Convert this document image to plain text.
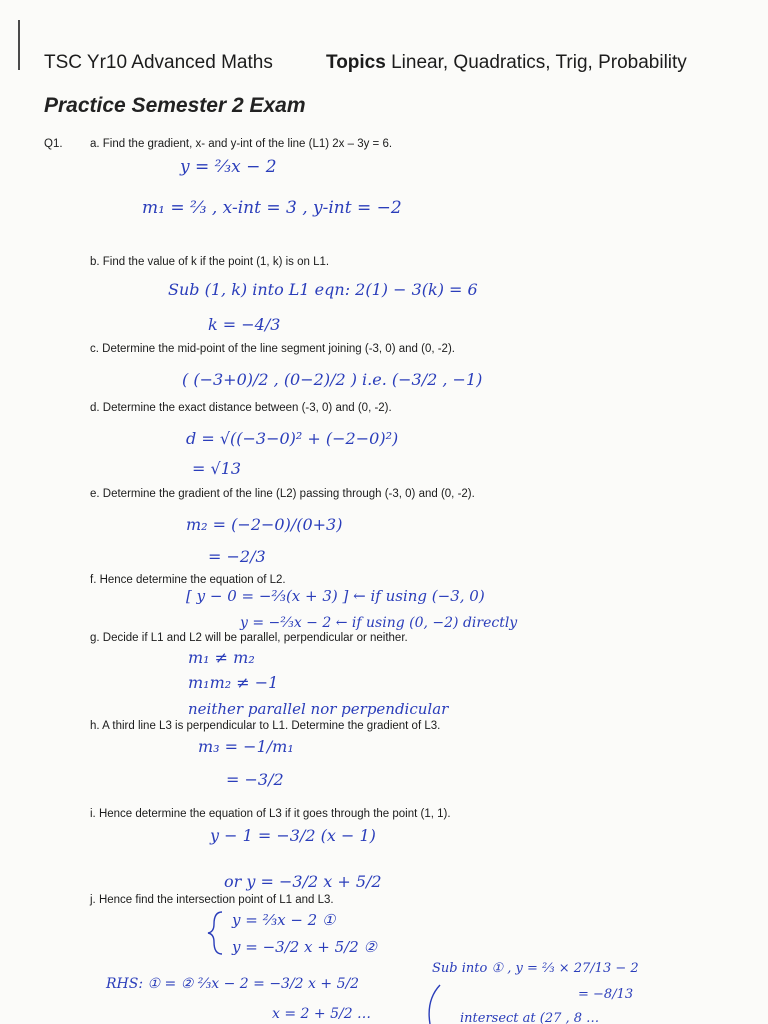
TSC Yr10 Advanced Maths	Topics Linear, Quadratics, Trig, Probability
Practice Semester 2 Exam
Q1. a. Find the gradient, x- and y-int of the line (L1) 2x – 3y = 6.
b. Find the value of k if the point (1, k) is on L1.
c. Determine the mid-point of the line segment joining (-3, 0) and (0, -2).
d. Determine the exact distance between (-3, 0) and (0, -2).
e. Determine the gradient of the line (L2) passing through (-3, 0) and (0, -2).
f. Hence determine the equation of L2.
g. Decide if L1 and L2 will be parallel, perpendicular or neither.
h. A third line L3 is perpendicular to L1. Determine the gradient of L3.
i. Hence determine the equation of L3 if it goes through the point (1, 1).
j. Hence find the intersection point of L1 and L3.
y = ⅔x − 2
m₁ = ⅔ , x-int = 3 , y-int = −2
Sub (1, k) into L1 eqn: 2(1) − 3(k) = 6
k = −4/3
( (−3+0)/2 , (0−2)/2 ) i.e. (−3/2 , −1)
d = √((−3−0)² + (−2−0)²)
= √13
m₂ = (−2−0)/(0+3)
= −2/3
[ y − 0 = −⅔(x + 3) ] ← if using (−3, 0)
y = −⅔x − 2 ← if using (0, −2) directly
m₁ ≠ m₂
m₁m₂ ≠ −1
neither parallel nor perpendicular
m₃ = −1/m₁
= −3/2
y − 1 = −3/2 (x − 1)
or y = −3/2 x + 5/2
y = ⅔x − 2 ①
y = −3/2 x + 5/2 ②
RHS: ① = ② ⅔x − 2 = −3/2 x + 5/2
x = 2 + 5/2 …
Sub into ① , y = ⅔ × 27/13 − 2
= −8/13
intersect at (27 , 8 …
